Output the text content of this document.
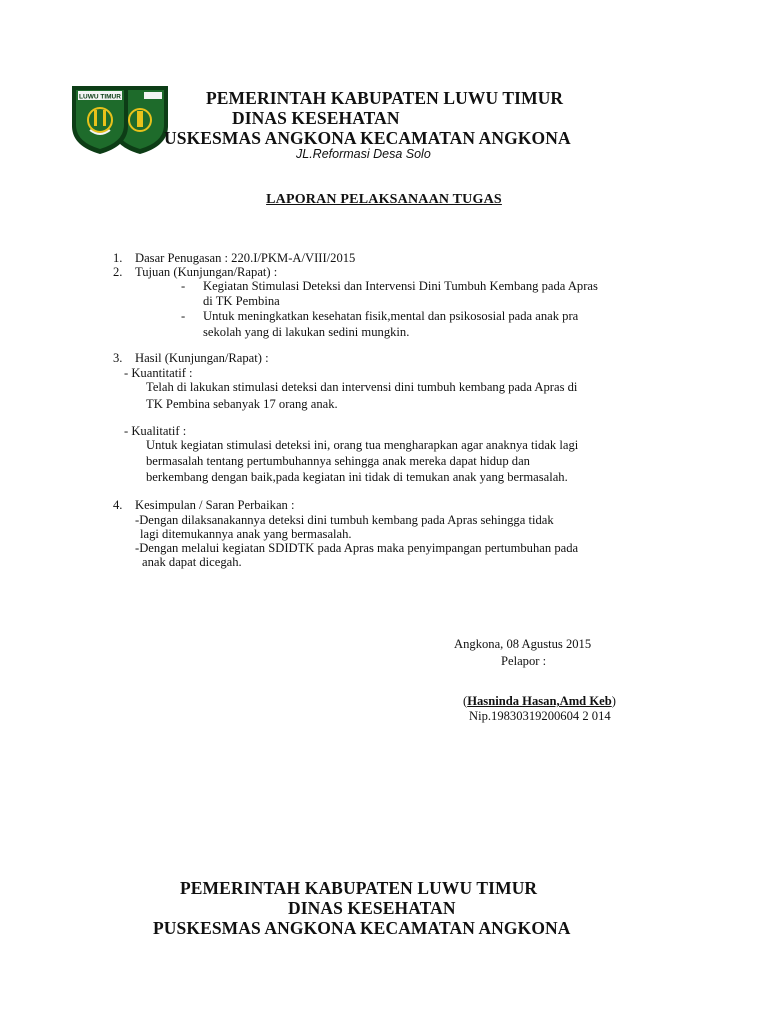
LUWU TIMUR	PEMERINTAH KABUPATEN LUWU TIMUR
DINAS KESEHATAN
USKESMAS ANGKONA KECAMATAN ANGKONA
JL.Reformasi Desa Solo
LAPORAN PELAKSANAAN TUGAS
1. Dasar Penugasan : 220.I/PKM-A/VIII/2015
2. Tujuan (Kunjungan/Rapat) :
- Kegiatan Stimulasi Deteksi dan Intervensi Dini Tumbuh Kembang pada Apras
di TK Pembina
- Untuk meningkatkan kesehatan fisik,mental dan psikososial pada anak pra
sekolah yang di lakukan sedini mungkin.
3. Hasil (Kunjungan/Rapat) :
- Kuantitatif :
Telah di lakukan stimulasi deteksi dan intervensi dini tumbuh kembang pada Apras di
TK Pembina sebanyak 17 orang anak.
- Kualitatif :
Untuk kegiatan stimulasi deteksi ini, orang tua mengharapkan agar anaknya tidak lagi
bermasalah tentang pertumbuhannya sehingga anak mereka dapat hidup dan
berkembang dengan baik,pada kegiatan ini tidak di temukan anak yang bermasalah.
4. Kesimpulan / Saran Perbaikan :
-Dengan dilaksanakannya deteksi dini tumbuh kembang pada Apras sehingga tidak
lagi ditemukannya anak yang bermasalah.
-Dengan melalui kegiatan SDIDTK pada Apras maka penyimpangan pertumbuhan pada
anak dapat dicegah.
Angkona, 08 Agustus 2015
Pelapor :
(Hasninda Hasan,Amd Keb)
Nip.19830319200604 2 014
PEMERINTAH KABUPATEN LUWU TIMUR
DINAS KESEHATAN
PUSKESMAS ANGKONA KECAMATAN ANGKONA
